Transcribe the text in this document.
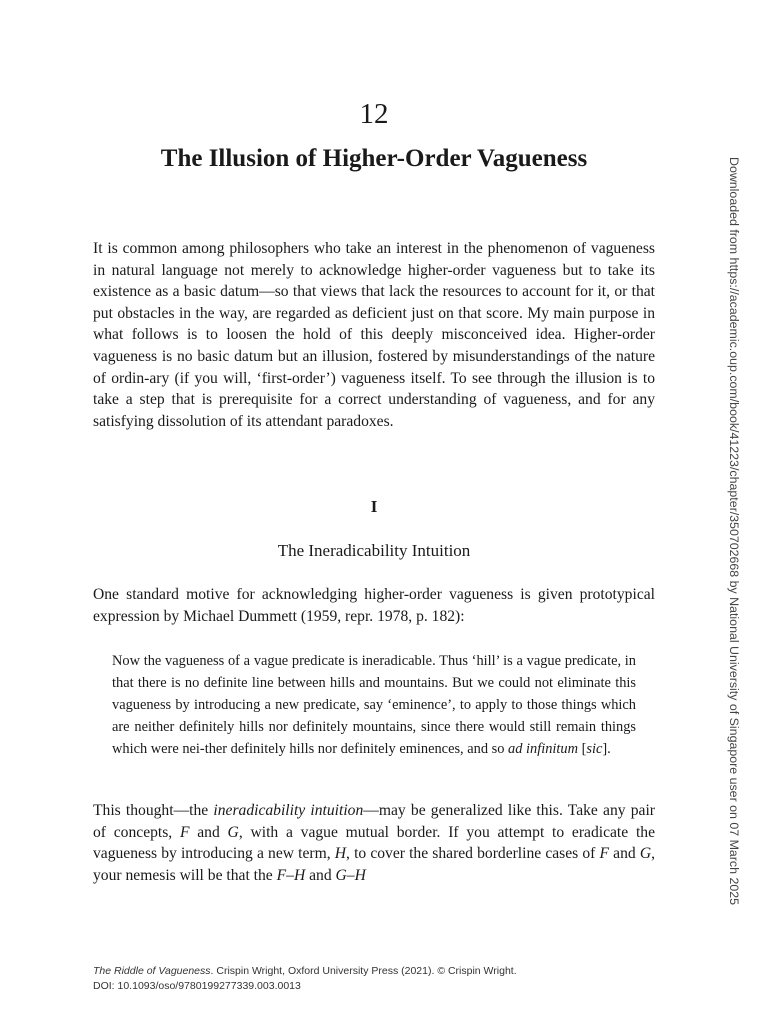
12
The Illusion of Higher-Order Vagueness

It is common among philosophers who take an interest in the phenomenon of vagueness in natural language not merely to acknowledge higher-order vagueness but to take its existence as a basic datum—so that views that lack the resources to account for it, or that put obstacles in the way, are regarded as deficient just on that score. My main purpose in what follows is to loosen the hold of this deeply misconceived idea. Higher-order vagueness is no basic datum but an illusion, fostered by misunderstandings of the nature of ordin-ary (if you will, ‘first-order’) vagueness itself. To see through the illusion is to take a step that is prerequisite for a correct understanding of vagueness, and for any satisfying dissolution of its attendant paradoxes.

I
The Ineradicability Intuition

One standard motive for acknowledging higher-order vagueness is given prototypical expression by Michael Dummett (1959, repr. 1978, p. 182):

Now the vagueness of a vague predicate is ineradicable. Thus ‘hill’ is a vague predicate, in that there is no definite line between hills and mountains. But we could not eliminate this vagueness by introducing a new predicate, say ‘eminence’, to apply to those things which are neither definitely hills nor definitely mountains, since there would still remain things which were nei-ther definitely hills nor definitely eminences, and so ad infinitum [sic].

This thought—the ineradicability intuition—may be generalized like this. Take any pair of concepts, F and G, with a vague mutual border. If you attempt to eradicate the vagueness by introducing a new term, H, to cover the shared borderline cases of F and G, your nemesis will be that the F–H and G–H

The Riddle of Vagueness. Crispin Wright, Oxford University Press (2021). © Crispin Wright.
DOI: 10.1093/oso/9780199277339.003.0013
Downloaded from https://academic.oup.com/book/41223/chapter/350702668 by National University of Singapore user on 07 March 2025
